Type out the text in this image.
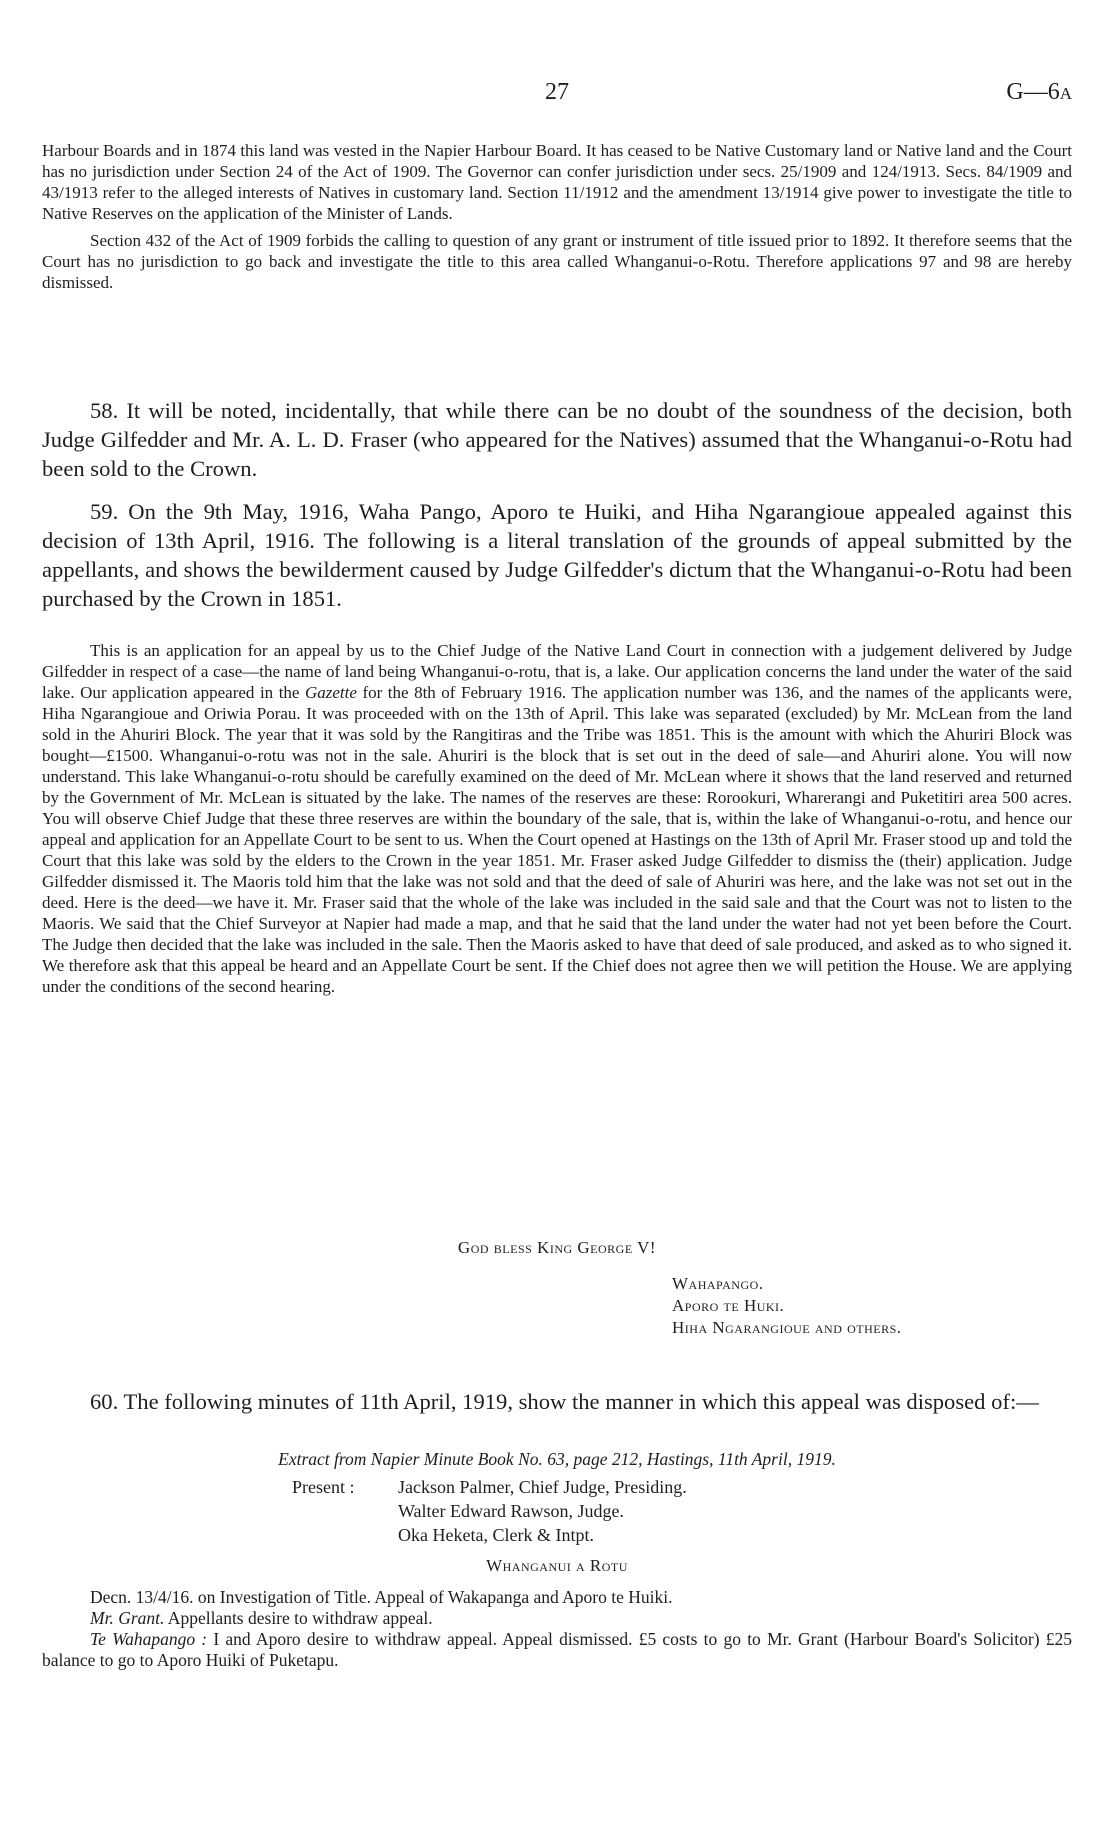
27	G—6A

Harbour Boards and in 1874 this land was vested in the Napier Harbour Board. It has ceased to be Native Customary land or Native land and the Court has no jurisdiction under Section 24 of the Act of 1909. The Governor can confer jurisdiction under secs. 25/1909 and 124/1913. Secs. 84/1909 and 43/1913 refer to the alleged interests of Natives in customary land. Section 11/1912 and the amendment 13/1914 give power to investigate the title to Native Reserves on the application of the Minister of Lands.

Section 432 of the Act of 1909 forbids the calling to question of any grant or instrument of title issued prior to 1892. It therefore seems that the Court has no jurisdiction to go back and investigate the title to this area called Whanganui-o-Rotu. Therefore applications 97 and 98 are hereby dismissed.

58. It will be noted, incidentally, that while there can be no doubt of the soundness of the decision, both Judge Gilfedder and Mr. A. L. D. Fraser (who appeared for the Natives) assumed that the Whanganui-o-Rotu had been sold to the Crown.

59. On the 9th May, 1916, Waha Pango, Aporo te Huiki, and Hiha Ngarangioue appealed against this decision of 13th April, 1916. The following is a literal translation of the grounds of appeal submitted by the appellants, and shows the bewilderment caused by Judge Gilfedder's dictum that the Whanganui-o-Rotu had been purchased by the Crown in 1851.

This is an application for an appeal by us to the Chief Judge of the Native Land Court in connection with a judgement delivered by Judge Gilfedder in respect of a case—the name of land being Whanganui-o-rotu, that is, a lake. Our application concerns the land under the water of the said lake. Our application appeared in the Gazette for the 8th of February 1916. The application number was 136, and the names of the applicants were, Hiha Ngarangioue and Oriwia Porau. It was proceeded with on the 13th of April. This lake was separated (excluded) by Mr. McLean from the land sold in the Ahuriri Block. The year that it was sold by the Rangitiras and the Tribe was 1851. This is the amount with which the Ahuriri Block was bought—£1500. Whanganui-o-rotu was not in the sale. Ahuriri is the block that is set out in the deed of sale—and Ahuriri alone. You will now understand. This lake Whanganui-o-rotu should be carefully examined on the deed of Mr. McLean where it shows that the land reserved and returned by the Government of Mr. McLean is situated by the lake. The names of the reserves are these: Rorookuri, Wharerangi and Puketitiri area 500 acres. You will observe Chief Judge that these three reserves are within the boundary of the sale, that is, within the lake of Whanganui-o-rotu, and hence our appeal and application for an Appellate Court to be sent to us. When the Court opened at Hastings on the 13th of April Mr. Fraser stood up and told the Court that this lake was sold by the elders to the Crown in the year 1851. Mr. Fraser asked Judge Gilfedder to dismiss the (their) application. Judge Gilfedder dismissed it. The Maoris told him that the lake was not sold and that the deed of sale of Ahuriri was here, and the lake was not set out in the deed. Here is the deed—we have it. Mr. Fraser said that the whole of the lake was included in the said sale and that the Court was not to listen to the Maoris. We said that the Chief Surveyor at Napier had made a map, and that he said that the land under the water had not yet been before the Court. The Judge then decided that the lake was included in the sale. Then the Maoris asked to have that deed of sale produced, and asked as to who signed it. We therefore ask that this appeal be heard and an Appellate Court be sent. If the Chief does not agree then we will petition the House. We are applying under the conditions of the second hearing.

God bless King George V!
Wahapango.
Aporo te Huki.
Hiha Ngarangioue and others.

60. The following minutes of 11th April, 1919, show the manner in which this appeal was disposed of:—

Extract from Napier Minute Book No. 63, page 212, Hastings, 11th April, 1919.
Present : Jackson Palmer, Chief Judge, Presiding.
Walter Edward Rawson, Judge.
Oka Heketa, Clerk & Intpt.
Whanganui a Rotu

Decn. 13/4/16. on Investigation of Title. Appeal of Wakapanga and Aporo te Huiki.

Mr. Grant. Appellants desire to withdraw appeal.

Te Wahapango : I and Aporo desire to withdraw appeal. Appeal dismissed. £5 costs to go to Mr. Grant (Harbour Board's Solicitor) £25 balance to go to Aporo Huiki of Puketapu.
